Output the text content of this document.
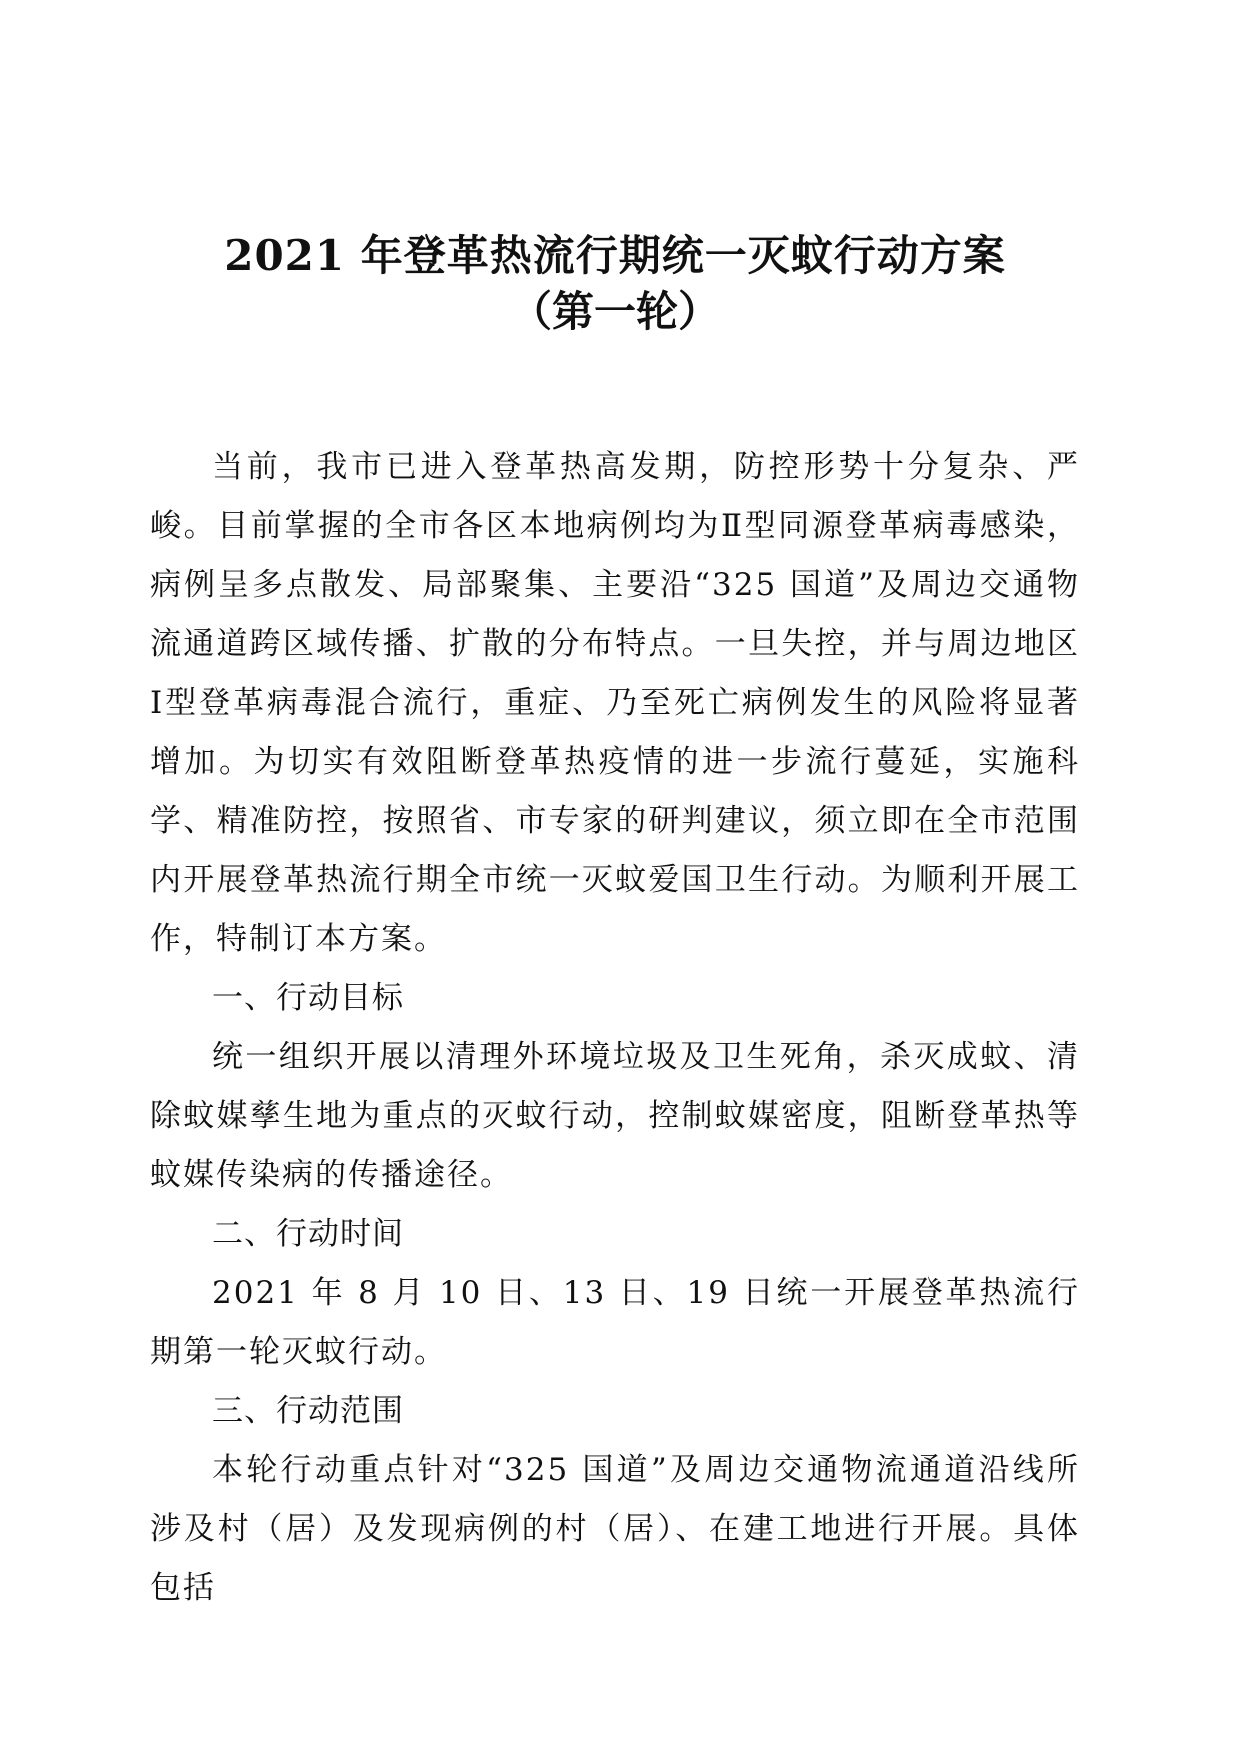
2021 年登革热流行期统一灭蚊行动方案
（第一轮）

当前，我市已进入登革热高发期，防控形势十分复杂、严峻。目前掌握的全市各区本地病例均为Ⅱ型同源登革病毒感染，病例呈多点散发、局部聚集、主要沿“325 国道”及周边交通物流通道跨区域传播、扩散的分布特点。一旦失控，并与周边地区Ⅰ型登革病毒混合流行，重症、乃至死亡病例发生的风险将显著增加。为切实有效阻断登革热疫情的进一步流行蔓延，实施科学、精准防控，按照省、市专家的研判建议，须立即在全市范围内开展登革热流行期全市统一灭蚊爱国卫生行动。为顺利开展工作，特制订本方案。

一、行动目标

统一组织开展以清理外环境垃圾及卫生死角，杀灭成蚊、清除蚊媒孳生地为重点的灭蚊行动，控制蚊媒密度，阻断登革热等蚊媒传染病的传播途径。

二、行动时间

2021 年 8 月 10 日、13 日、19 日统一开展登革热流行期第一轮灭蚊行动。

三、行动范围

本轮行动重点针对“325 国道”及周边交通物流通道沿线所涉及村（居）及发现病例的村（居）、在建工地进行开展。具体包括
